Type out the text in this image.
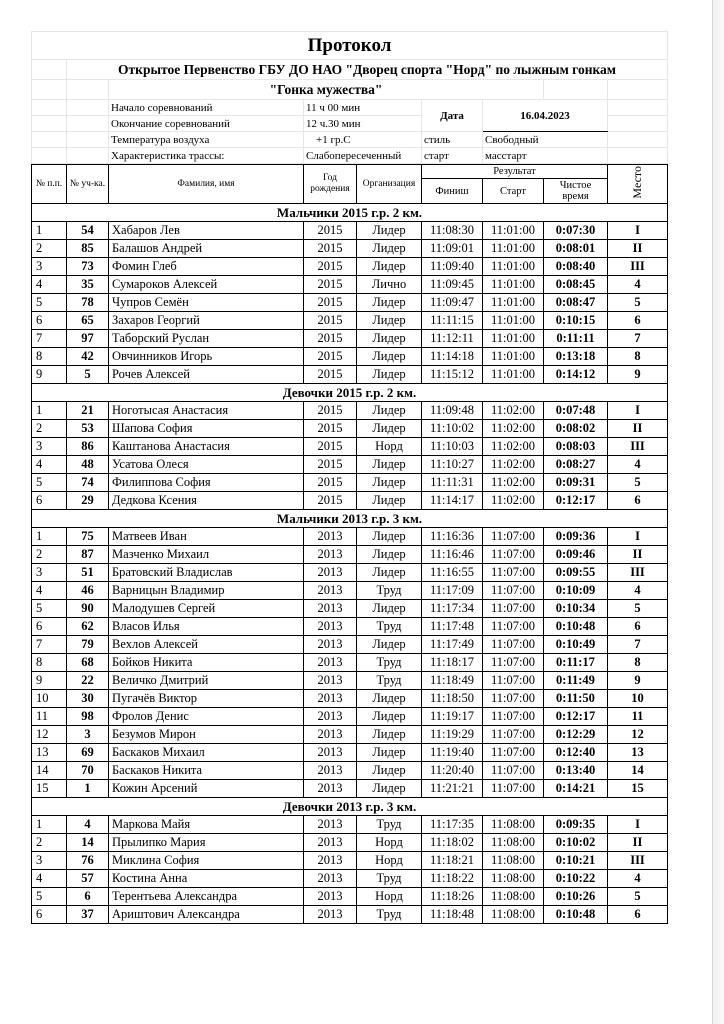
Протокол							
	Открытое Первенство ГБУ ДО НАО "Дворец спорта "Норд" по лыжным гонкам						
		"Гонка мужества"					
		Начало соревнований	11 ч 00 мин	Дата	16.04.2023		
		Окончание соревнований	12 ч.30 мин				
		Температура воздуха	+1 гр.С	стиль	Свободный		
		Характеристика трассы:	Слабопересеченный	старт	масстарт		
№ п.п.	№ уч-ка.	Фамилия, имя	Год рождения	Организация	Результат			Место
					Финиш	Старт	Чистое время	
Мальчики 2015 г.р. 2 км.								
1	54	Хабаров Лев	2015	Лидер	11:08:30	11:01:00	0:07:30	I
2	85	Балашов Андрей	2015	Лидер	11:09:01	11:01:00	0:08:01	II
3	73	Фомин Глеб	2015	Лидер	11:09:40	11:01:00	0:08:40	III
4	35	Сумароков Алексей	2015	Лично	11:09:45	11:01:00	0:08:45	4
5	78	Чупров Семён	2015	Лидер	11:09:47	11:01:00	0:08:47	5
6	65	Захаров Георгий	2015	Лидер	11:11:15	11:01:00	0:10:15	6
7	97	Таборский Руслан	2015	Лидер	11:12:11	11:01:00	0:11:11	7
8	42	Овчинников Игорь	2015	Лидер	11:14:18	11:01:00	0:13:18	8
9	5	Рочев Алексей	2015	Лидер	11:15:12	11:01:00	0:14:12	9
Девочки 2015 г.р. 2 км.								
1	21	Ноготысая Анастасия	2015	Лидер	11:09:48	11:02:00	0:07:48	I
2	53	Шапова София	2015	Лидер	11:10:02	11:02:00	0:08:02	II
3	86	Каштанова Анастасия	2015	Норд	11:10:03	11:02:00	0:08:03	III
4	48	Усатова Олеся	2015	Лидер	11:10:27	11:02:00	0:08:27	4
5	74	Филиппова София	2015	Лидер	11:11:31	11:02:00	0:09:31	5
6	29	Дедкова Ксения	2015	Лидер	11:14:17	11:02:00	0:12:17	6
Мальчики 2013 г.р. 3 км.								
1	75	Матвеев Иван	2013	Лидер	11:16:36	11:07:00	0:09:36	I
2	87	Мазченко Михаил	2013	Лидер	11:16:46	11:07:00	0:09:46	II
3	51	Братовский Владислав	2013	Лидер	11:16:55	11:07:00	0:09:55	III
4	46	Варницын Владимир	2013	Труд	11:17:09	11:07:00	0:10:09	4
5	90	Малодушев Сергей	2013	Лидер	11:17:34	11:07:00	0:10:34	5
6	62	Власов Илья	2013	Труд	11:17:48	11:07:00	0:10:48	6
7	79	Вехлов Алексей	2013	Лидер	11:17:49	11:07:00	0:10:49	7
8	68	Бойков Никита	2013	Труд	11:18:17	11:07:00	0:11:17	8
9	22	Величко Дмитрий	2013	Труд	11:18:49	11:07:00	0:11:49	9
10	30	Пугачёв Виктор	2013	Лидер	11:18:50	11:07:00	0:11:50	10
11	98	Фролов Денис	2013	Лидер	11:19:17	11:07:00	0:12:17	11
12	3	Безумов Мирон	2013	Лидер	11:19:29	11:07:00	0:12:29	12
13	69	Баскаков Михаил	2013	Лидер	11:19:40	11:07:00	0:12:40	13
14	70	Баскаков Никита	2013	Лидер	11:20:40	11:07:00	0:13:40	14
15	1	Кожин Арсений	2013	Лидер	11:21:21	11:07:00	0:14:21	15
Девочки 2013 г.р. 3 км.								
1	4	Маркова Майя	2013	Труд	11:17:35	11:08:00	0:09:35	I
2	14	Прылипко Мария	2013	Норд	11:18:02	11:08:00	0:10:02	II
3	76	Миклина София	2013	Норд	11:18:21	11:08:00	0:10:21	III
4	57	Костина Анна	2013	Труд	11:18:22	11:08:00	0:10:22	4
5	6	Терентьева Александра	2013	Норд	11:18:26	11:08:00	0:10:26	5
6	37	Ариштович Александра	2013	Труд	11:18:48	11:08:00	0:10:48	6
